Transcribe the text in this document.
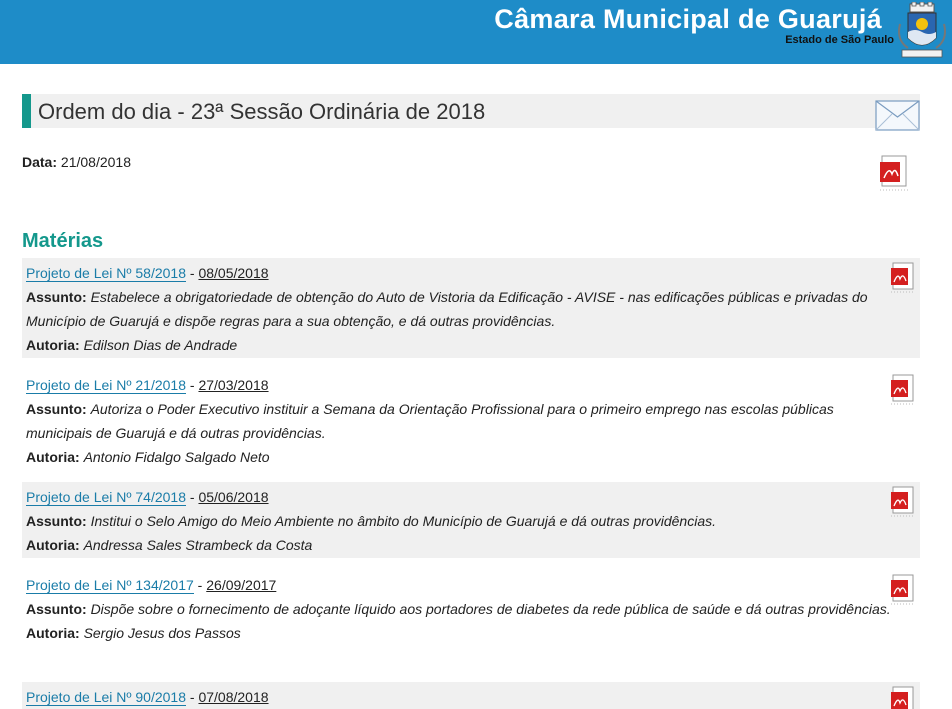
Câmara Municipal de Guarujá
Estado de São Paulo
Ordem do dia - 23ª Sessão Ordinária de 2018
Data: 21/08/2018
Matérias
Projeto de Lei Nº 58/2018 - 08/05/2018
Assunto: Estabelece a obrigatoriedade de obtenção do Auto de Vistoria da Edificação - AVISE - nas edificações públicas e privadas do Município de Guarujá e dispõe regras para a sua obtenção, e dá outras providências.
Autoria: Edilson Dias de Andrade
Projeto de Lei Nº 21/2018 - 27/03/2018
Assunto: Autoriza o Poder Executivo instituir a Semana da Orientação Profissional para o primeiro emprego nas escolas públicas municipais de Guarujá e dá outras providências.
Autoria: Antonio Fidalgo Salgado Neto
Projeto de Lei Nº 74/2018 - 05/06/2018
Assunto: Institui o Selo Amigo do Meio Ambiente no âmbito do Município de Guarujá e dá outras providências.
Autoria: Andressa Sales Strambeck da Costa
Projeto de Lei Nº 134/2017 - 26/09/2017
Assunto: Dispõe sobre o fornecimento de adoçante líquido aos portadores de diabetes da rede pública de saúde e dá outras providências.
Autoria: Sergio Jesus dos Passos
Projeto de Lei Nº 90/2018 - 07/08/2018
